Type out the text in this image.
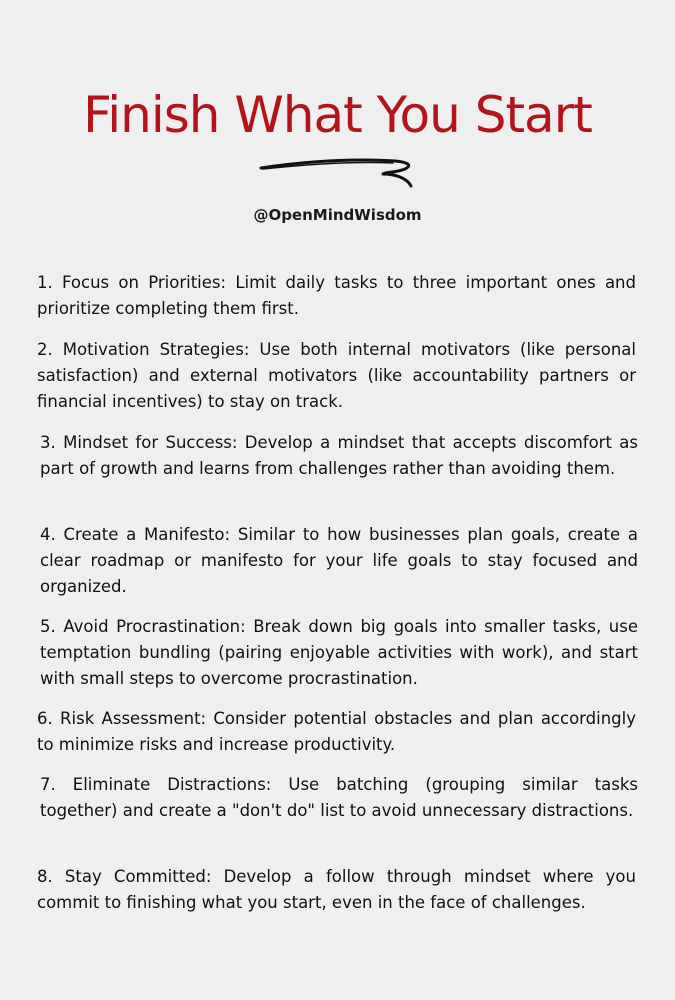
Finish What You Start
@OpenMindWisdom

1. Focus on Priorities: Limit daily tasks to three important ones and prioritize completing them first.

2. Motivation Strategies: Use both internal motivators (like personal satisfaction) and external motivators (like accountability partners or financial incentives) to stay on track.

3. Mindset for Success: Develop a mindset that accepts discomfort as part of growth and learns from challenges rather than avoiding them.

4. Create a Manifesto: Similar to how businesses plan goals, create a clear roadmap or manifesto for your life goals to stay focused and organized.

5. Avoid Procrastination: Break down big goals into smaller tasks, use temptation bundling (pairing enjoyable activities with work), and start with small steps to overcome procrastination.

6. Risk Assessment: Consider potential obstacles and plan accordingly to minimize risks and increase productivity.

7. Eliminate Distractions: Use batching (grouping similar tasks together) and create a "don't do" list to avoid unnecessary distractions.

8. Stay Committed: Develop a follow through mindset where you commit to finishing what you start, even in the face of challenges.
